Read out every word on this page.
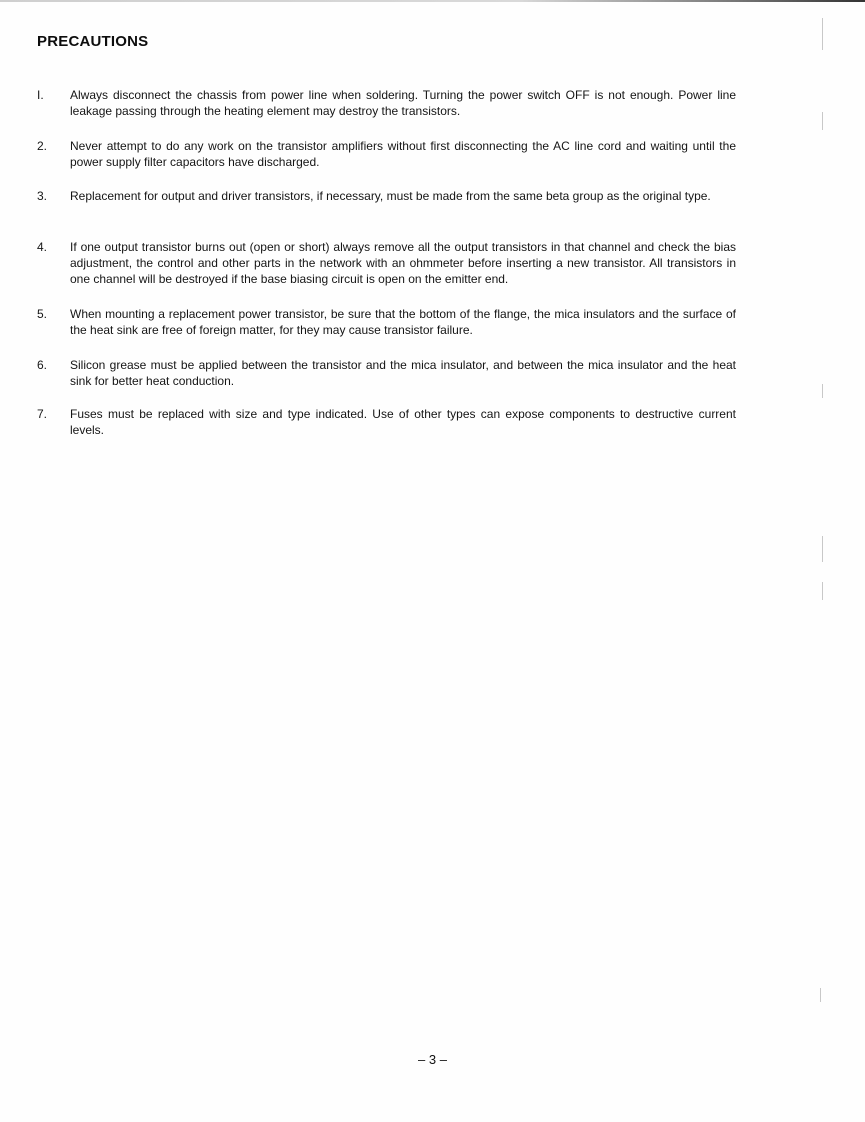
PRECAUTIONS
I. Always disconnect the chassis from power line when soldering. Turning the power switch OFF is not enough. Power line leakage passing through the heating element may destroy the transistors.
2. Never attempt to do any work on the transistor amplifiers without first disconnecting the AC line cord and waiting until the power supply filter capacitors have discharged.
3. Replacement for output and driver transistors, if necessary, must be made from the same beta group as the original type.
4. If one output transistor burns out (open or short) always remove all the output transistors in that channel and check the bias adjustment, the control and other parts in the network with an ohmmeter before inserting a new transistor. All transistors in one channel will be destroyed if the base biasing circuit is open on the emitter end.
5. When mounting a replacement power transistor, be sure that the bottom of the flange, the mica insulators and the surface of the heat sink are free of foreign matter, for they may cause transistor failure.
6. Silicon grease must be applied between the transistor and the mica insulator, and between the mica insulator and the heat sink for better heat conduction.
7. Fuses must be replaced with size and type indicated. Use of other types can expose components to destructive current levels.
– 3 –
